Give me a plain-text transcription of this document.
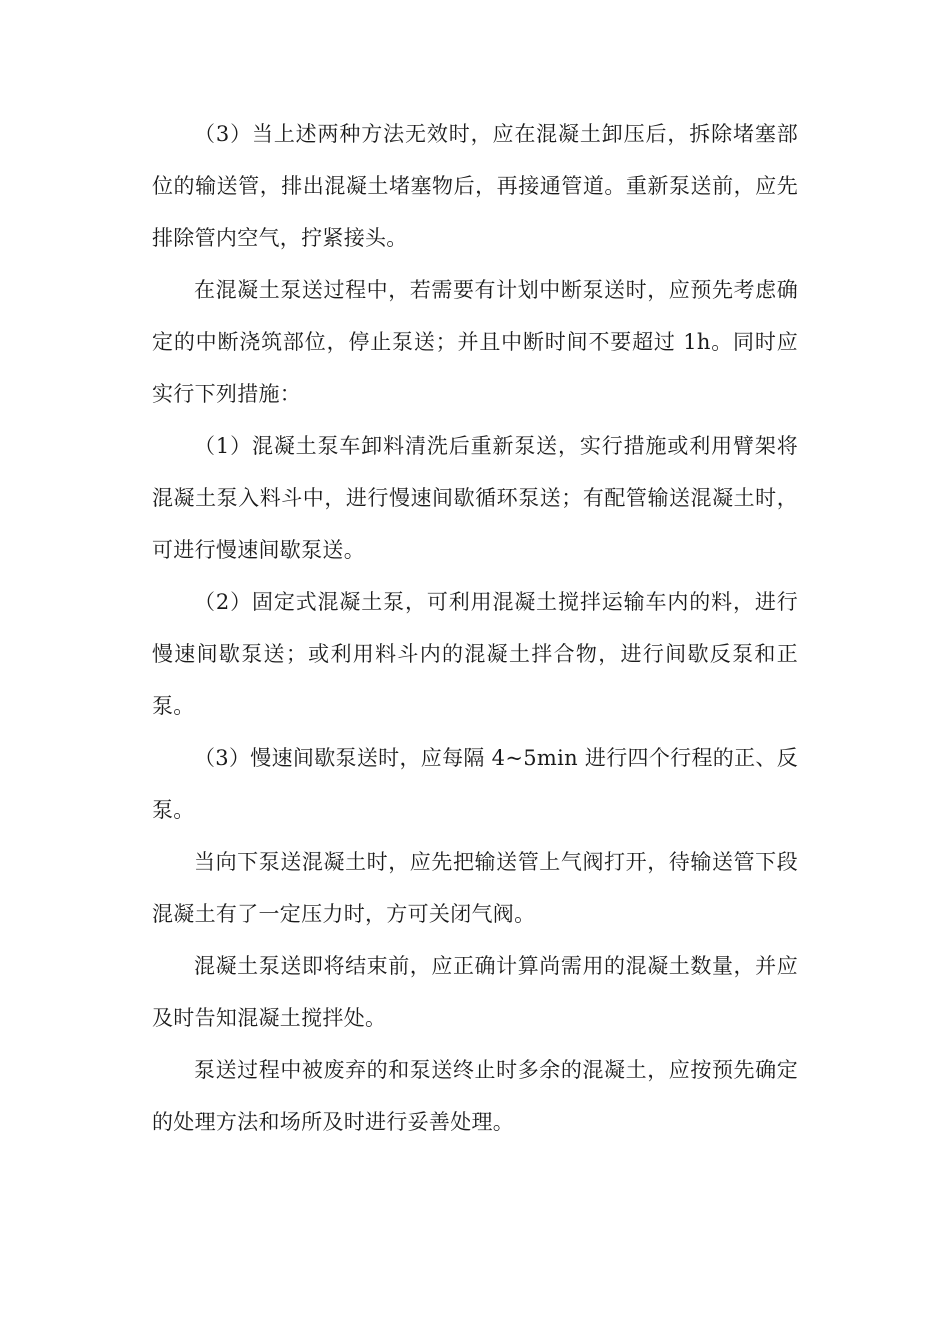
（3）当上述两种方法无效时，应在混凝土卸压后，拆除堵塞部位的输送管，排出混凝土堵塞物后，再接通管道。重新泵送前，应先排除管内空气，拧紧接头。

在混凝土泵送过程中，若需要有计划中断泵送时，应预先考虑确定的中断浇筑部位，停止泵送；并且中断时间不要超过 1h。同时应实行下列措施：

（1）混凝土泵车卸料清洗后重新泵送，实行措施或利用臂架将混凝土泵入料斗中，进行慢速间歇循环泵送；有配管输送混凝土时，可进行慢速间歇泵送。

（2）固定式混凝土泵，可利用混凝土搅拌运输车内的料，进行慢速间歇泵送；或利用料斗内的混凝土拌合物，进行间歇反泵和正泵。

（3）慢速间歇泵送时，应每隔 4~5min 进行四个行程的正、反泵。

当向下泵送混凝土时，应先把输送管上气阀打开，待输送管下段混凝土有了一定压力时，方可关闭气阀。

混凝土泵送即将结束前，应正确计算尚需用的混凝土数量，并应及时告知混凝土搅拌处。

泵送过程中被废弃的和泵送终止时多余的混凝土，应按预先确定的处理方法和场所及时进行妥善处理。
